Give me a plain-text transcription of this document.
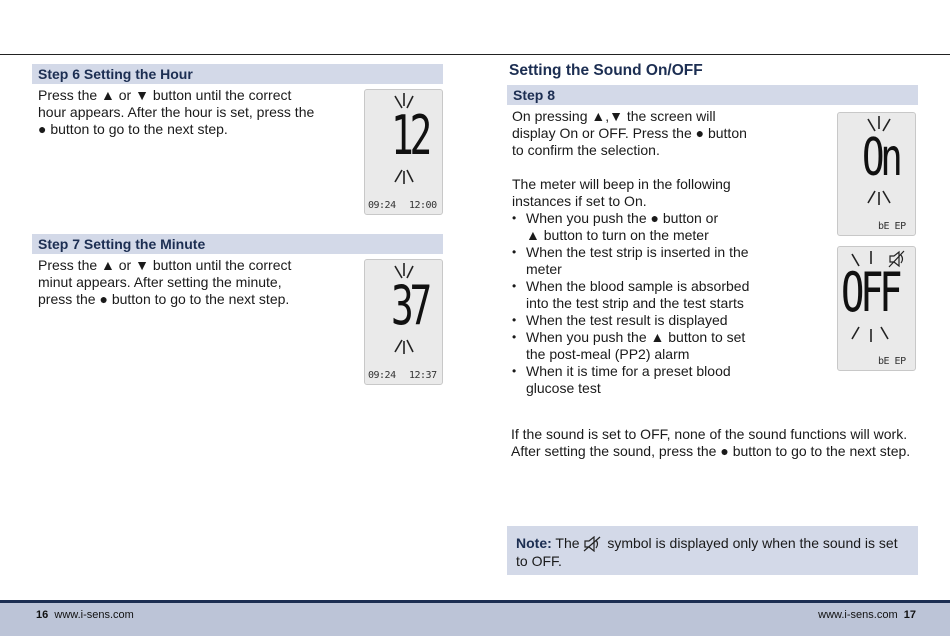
Step 6 Setting the Hour

Press the ▲ or ▼ button until the correct

hour appears. After the hour is set, press the

● button to go to the next step.	12
09:24 12:00
Step 7 Setting the Minute

Press the ▲ or ▼ button until the correct

minut appears. After setting the minute,

press the ● button to go to the next step.	37
09:24 12:37
Setting the Sound On/OFF
Step 8

On pressing ▲,▼ the screen will

display On or OFF. Press the ● button

to confirm the selection.

The meter will beep in the following

instances if set to On.

• When you push the ● button or
▲ button to turn on the meter
• When the test strip is inserted in the
meter
• When the blood sample is absorbed
into the test strip and the test starts
• When the test result is displayed
• When you push the ▲ button to set
the post-meal (PP2) alarm
• When it is time for a preset blood
glucose test
On
bE EP
OFF
bE EP

If the sound is set to OFF, none of the sound functions will work.

After setting the sound, press the ● button to go to the next step.

Note: The  symbol is displayed only when the sound is set
to OFF.
16 www.i-sens.com	www.i-sens.com 17
